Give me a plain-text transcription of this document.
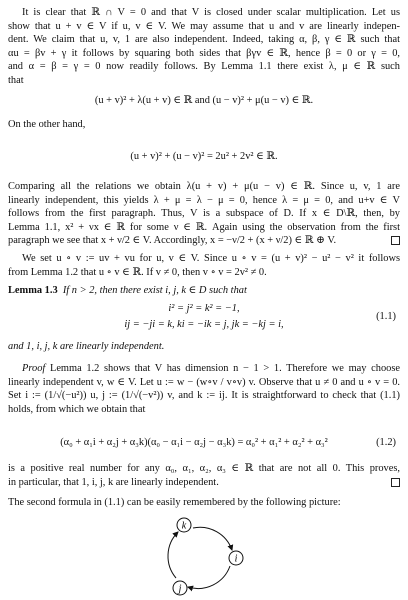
It is clear that ℝ ∩ V = 0 and that V is closed under scalar multiplication. Let us
show that u + v ∈ V if u, v ∈ V. We may assume that u and v are linearly indepen-
dent. We claim that u, v, 1 are also independent. Indeed, taking α, β, γ ∈ ℝ such that
αu = βv + γ it follows by squaring both sides that βγv ∈ ℝ, hence β = 0 or γ = 0,
and α = β = γ = 0 now readily follows. By Lemma 1.1 there exist λ, μ ∈ ℝ such
that
(u + v)² + λ(u + v) ∈ ℝ and (u − v)² + μ(u − v) ∈ ℝ.
On the other hand,
(u + v)² + (u − v)² = 2u² + 2v² ∈ ℝ.
Comparing all the relations we obtain λ(u + v) + μ(u − v) ∈ ℝ. Since u, v, 1 are
linearly independent, this yields λ + μ = λ − μ = 0, hence λ = μ = 0, and u+v ∈ V
follows from the first paragraph. Thus, V is a subspace of D. If x ∈ D\ℝ, then, by
Lemma 1.1, x² + νx ∈ ℝ for some ν ∈ ℝ. Again using the observation from the first
paragraph we see that x + ν/2 ∈ V. Accordingly, x = −ν/2 + (x + ν/2) ∈ ℝ ⊕ V.
We set u ∘ v := uv + vu for u, v ∈ V. Since u ∘ v = (u + v)² − u² − v² it follows
from Lemma 1.2 that u ∘ v ∈ ℝ. If v ≠ 0, then v ∘ v = 2v² ≠ 0.
Lemma 1.3 If n > 2, then there exist i, j, k ∈ D such that
i² = j² = k² = −1,
ij = −ji = k, ki = −ik = j, jk = −kj = i,
(1.1)
and 1, i, j, k are linearly independent.
Proof Lemma 1.2 shows that V has dimension n − 1 > 1. Therefore we may choose
linearly independent v, w ∈ V. Let u := w − (w∘v / v∘v) v. Observe that u ≠ 0 and u ∘ v = 0.
Set i := (1/√(−u²)) u, j := (1/√(−v²)) v, and k := ij. It is straightforward to check that (1.1)
holds, from which we obtain that
(α₀ + α₁i + α₂j + α₃k)(α₀ − α₁i − α₂j − α₃k) = α₀² + α₁² + α₂² + α₃²	(1.2)
is a positive real number for any α₀, α₁, α₂, α₃ ∈ ℝ that are not all 0. This proves,
in particular, that 1, i, j, k are linearly independent.
The second formula in (1.1) can be easily remembered by the following picture:
k
i
j
